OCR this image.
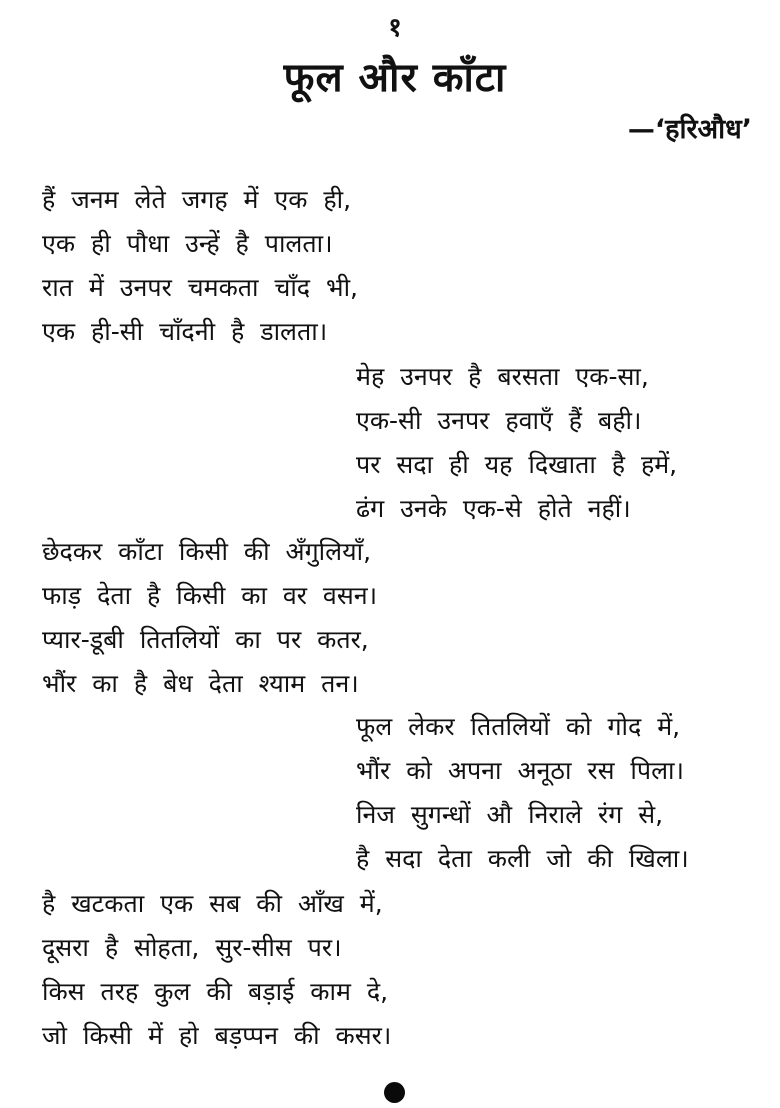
१
फूल और काँटा
—‘हरिऔध’
हैं जनम लेते जगह में एक ही,
एक ही पौधा उन्हें है पालता।
रात में उनपर चमकता चाँद भी,
एक ही-सी चाँदनी है डालता।
मेह उनपर है बरसता एक-सा,
एक-सी उनपर हवाएँ हैं बही।
पर सदा ही यह दिखाता है हमें,
ढंग उनके एक-से होते नहीं।
छेदकर काँटा किसी की अँगुलियाँ,
फाड़ देता है किसी का वर वसन।
प्यार-डूबी तितलियों का पर कतर,
भौंर का है बेध देता श्याम तन।
फूल लेकर तितलियों को गोद में,
भौंर को अपना अनूठा रस पिला।
निज सुगन्धों औ निराले रंग से,
है सदा देता कली जो की खिला।
है खटकता एक सब की आँख में,
दूसरा है सोहता, सुर-सीस पर।
किस तरह कुल की बड़ाई काम दे,
जो किसी में हो बड़प्पन की कसर।
